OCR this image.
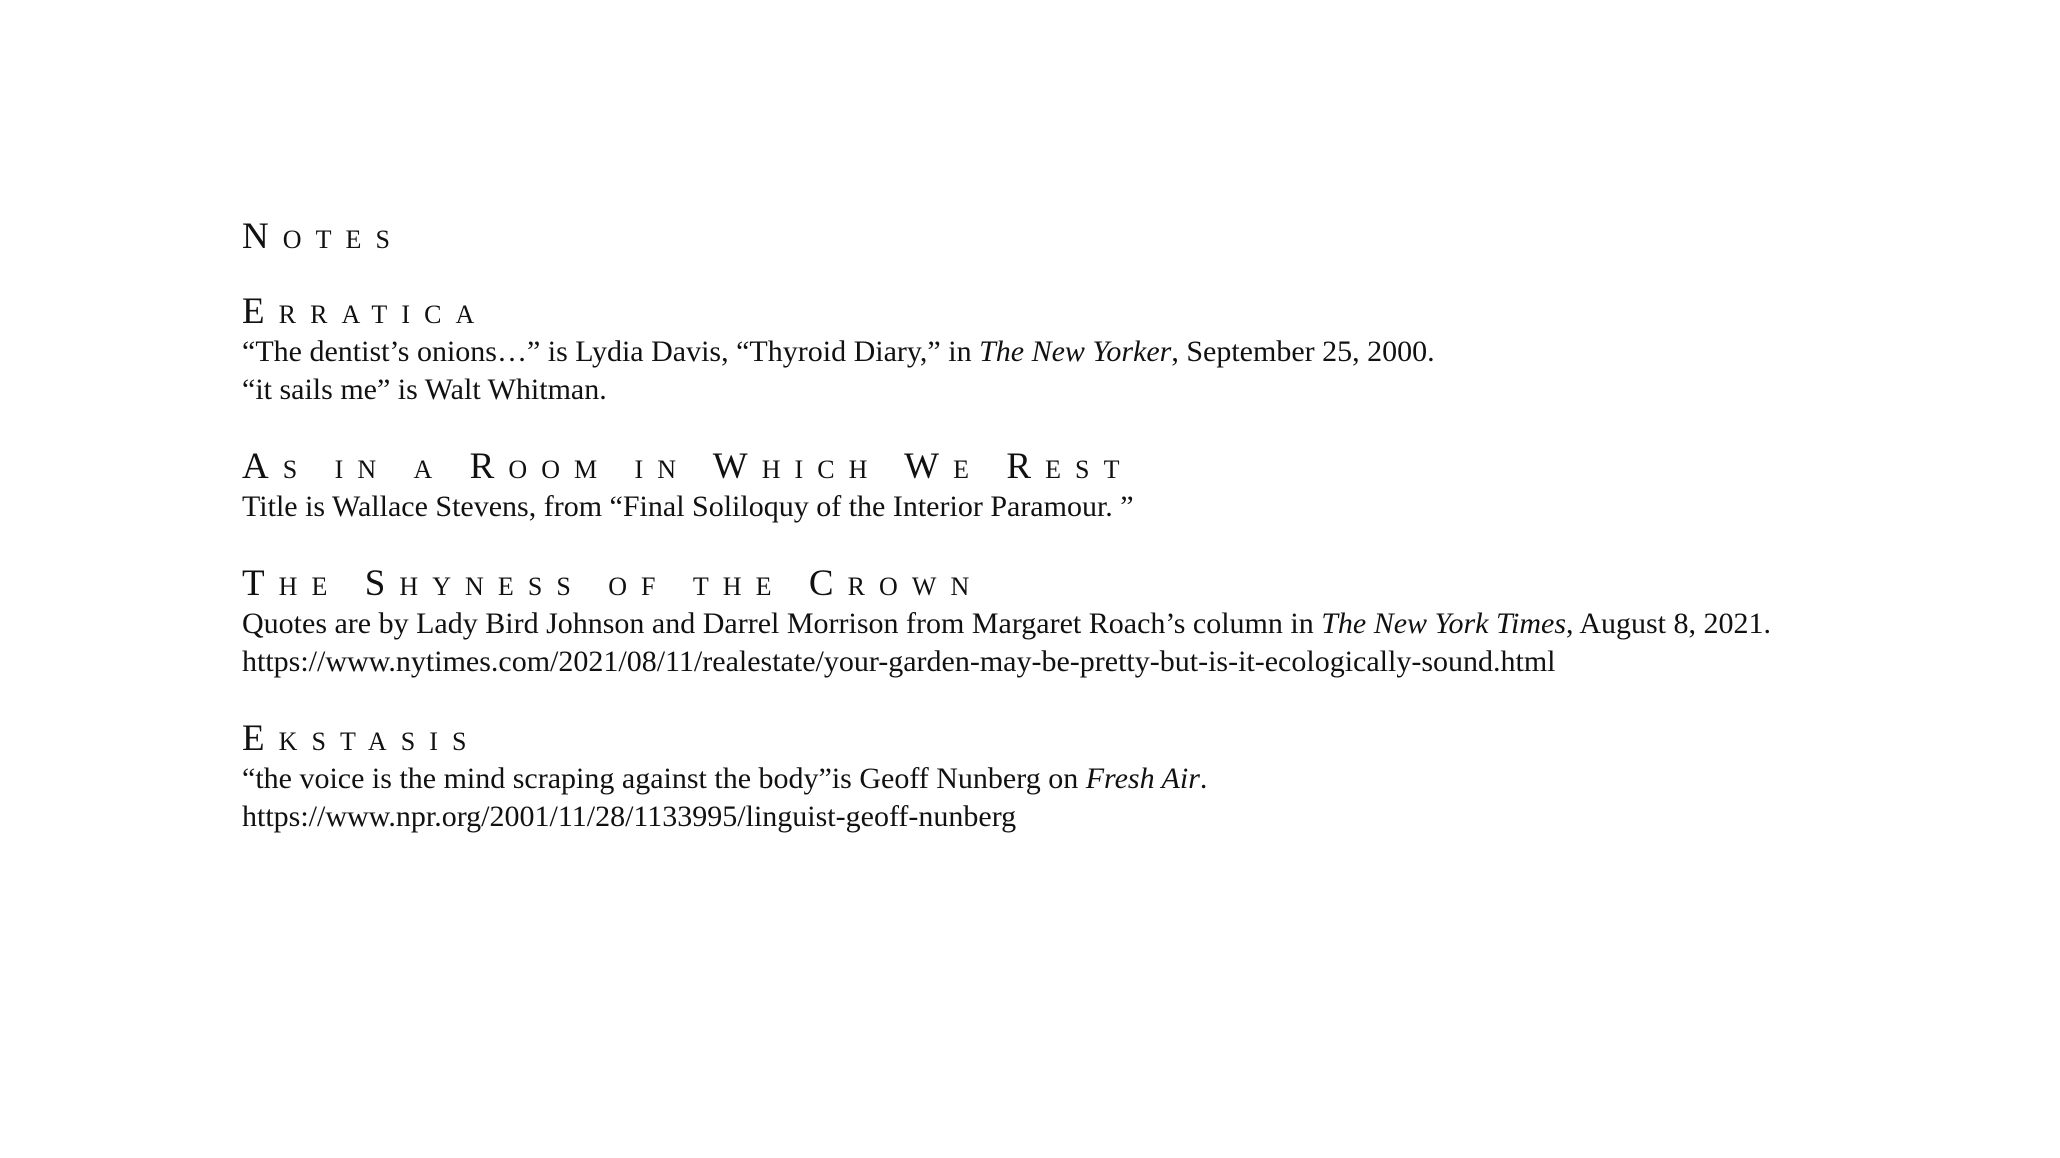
Notes
Erratica

“The dentist’s onions…” is Lydia Davis, “Thyroid Diary,” in The New Yorker, September 25, 2000.

“it sails me” is Walt Whitman.

As in a Room in Which We Rest

Title is Wallace Stevens, from “Final Soliloquy of the Interior Paramour. ”

The Shyness of the Crown

Quotes are by Lady Bird Johnson and Darrel Morrison from Margaret Roach’s column in The New York Times, August 8, 2021.

https://www.nytimes.com/2021/08/11/realestate/your-garden-may-be-pretty-but-is-it-ecologically-sound.html

Ekstasis

“the voice is the mind scraping against the body”is Geoff Nunberg on Fresh Air.

https://www.npr.org/2001/11/28/1133995/linguist-geoff-nunberg
